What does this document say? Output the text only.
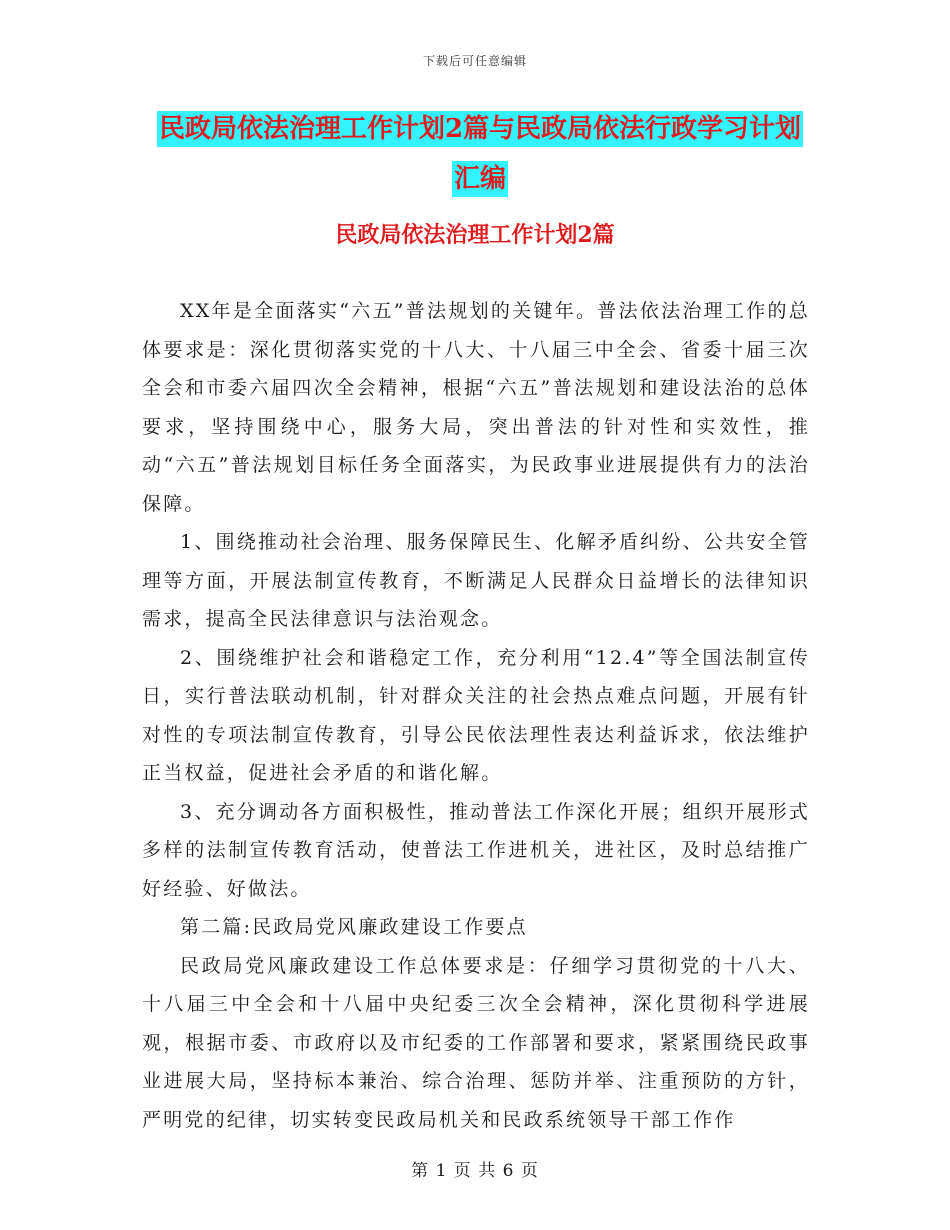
下载后可任意编辑
民政局依法治理工作计划2篇与民政局依法行政学习计划汇编
民政局依法治理工作计划2篇

XX年是全面落实“六五”普法规划的关键年。普法依法治理工作的总体要求是：深化贯彻落实党的十八大、十八届三中全会、省委十届三次全会和市委六届四次全会精神，根据“六五”普法规划和建设法治的总体要求，坚持围绕中心，服务大局，突出普法的针对性和实效性，推动“六五”普法规划目标任务全面落实，为民政事业进展提供有力的法治保障。

1、围绕推动社会治理、服务保障民生、化解矛盾纠纷、公共安全管理等方面，开展法制宣传教育，不断满足人民群众日益增长的法律知识需求，提高全民法律意识与法治观念。

2、围绕维护社会和谐稳定工作，充分利用“12.4”等全国法制宣传日，实行普法联动机制，针对群众关注的社会热点难点问题，开展有针对性的专项法制宣传教育，引导公民依法理性表达利益诉求，依法维护正当权益，促进社会矛盾的和谐化解。

3、充分调动各方面积极性，推动普法工作深化开展；组织开展形式多样的法制宣传教育活动，使普法工作进机关，进社区，及时总结推广好经验、好做法。

第二篇:民政局党风廉政建设工作要点

民政局党风廉政建设工作总体要求是：仔细学习贯彻党的十八大、十八届三中全会和十八届中央纪委三次全会精神，深化贯彻科学进展观，根据市委、市政府以及市纪委的工作部署和要求，紧紧围绕民政事业进展大局，坚持标本兼治、综合治理、惩防并举、注重预防的方针，严明党的纪律，切实转变民政局机关和民政系统领导干部工作作

第 1 页 共 6 页
